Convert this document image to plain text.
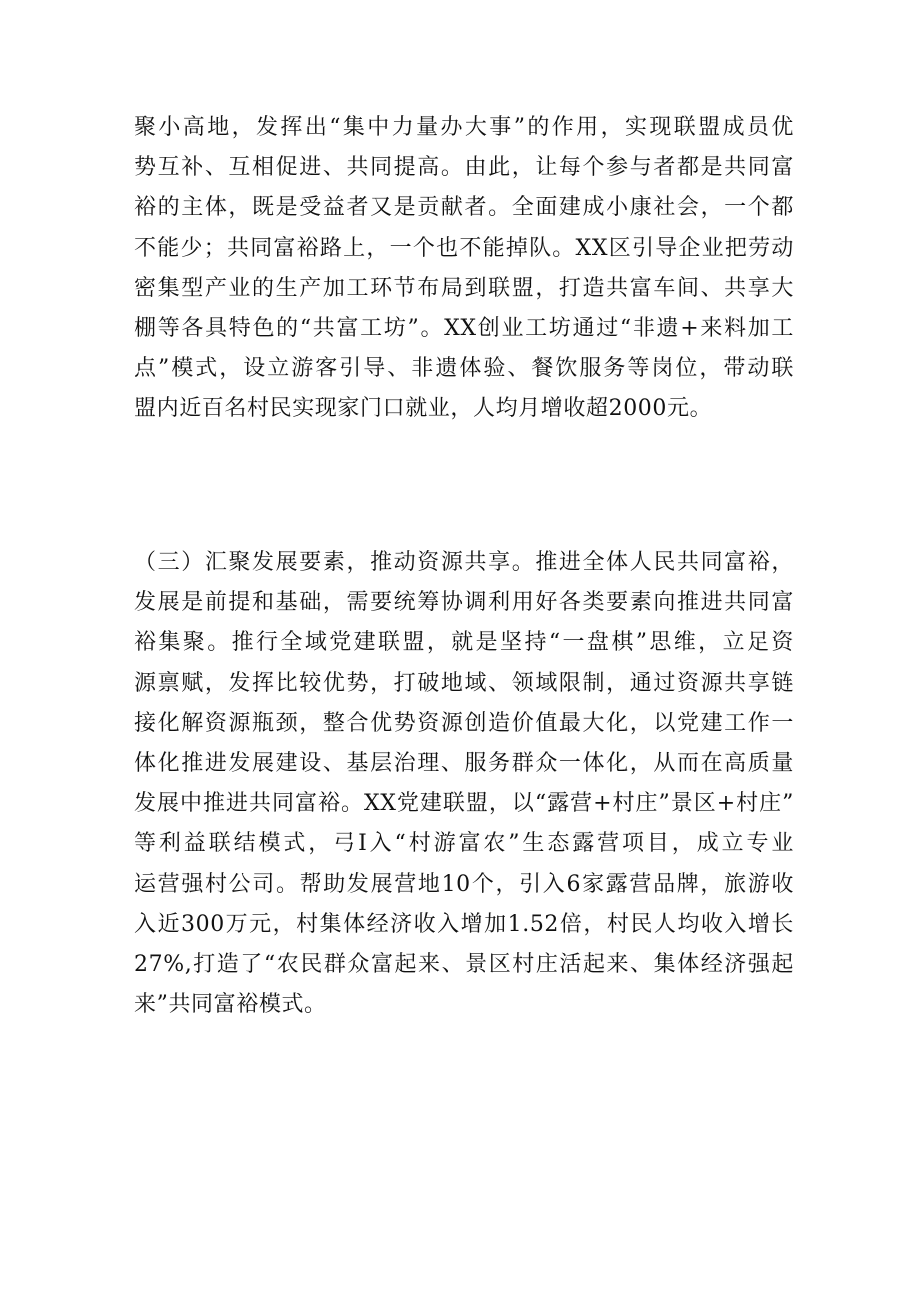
聚小高地，发挥出“集中力量办大事”的作用，实现联盟成员优
势互补、互相促进、共同提高。由此，让每个参与者都是共同富
裕的主体，既是受益者又是贡献者。全面建成小康社会，一个都
不能少；共同富裕路上，一个也不能掉队。XX区引导企业把劳动
密集型产业的生产加工环节布局到联盟，打造共富车间、共享大
棚等各具特色的“共富工坊”。XX创业工坊通过“非遗+来料加工
点”模式，设立游客引导、非遗体验、餐饮服务等岗位，带动联
盟内近百名村民实现家门口就业，人均月增收超2000元。
（三）汇聚发展要素，推动资源共享。推进全体人民共同富裕，
发展是前提和基础，需要统筹协调利用好各类要素向推进共同富
裕集聚。推行全域党建联盟，就是坚持“一盘棋”思维，立足资
源禀赋，发挥比较优势，打破地域、领域限制，通过资源共享链
接化解资源瓶颈，整合优势资源创造价值最大化，以党建工作一
体化推进发展建设、基层治理、服务群众一体化，从而在高质量
发展中推进共同富裕。XX党建联盟，以“露营+村庄”景区+村庄”
等利益联结模式，弓I入“村游富农”生态露营项目，成立专业
运营强村公司。帮助发展营地10个，引入6家露营品牌，旅游收
入近300万元，村集体经济收入增加1.52倍，村民人均收入增长
27%,打造了“农民群众富起来、景区村庄活起来、集体经济强起
来”共同富裕模式。
